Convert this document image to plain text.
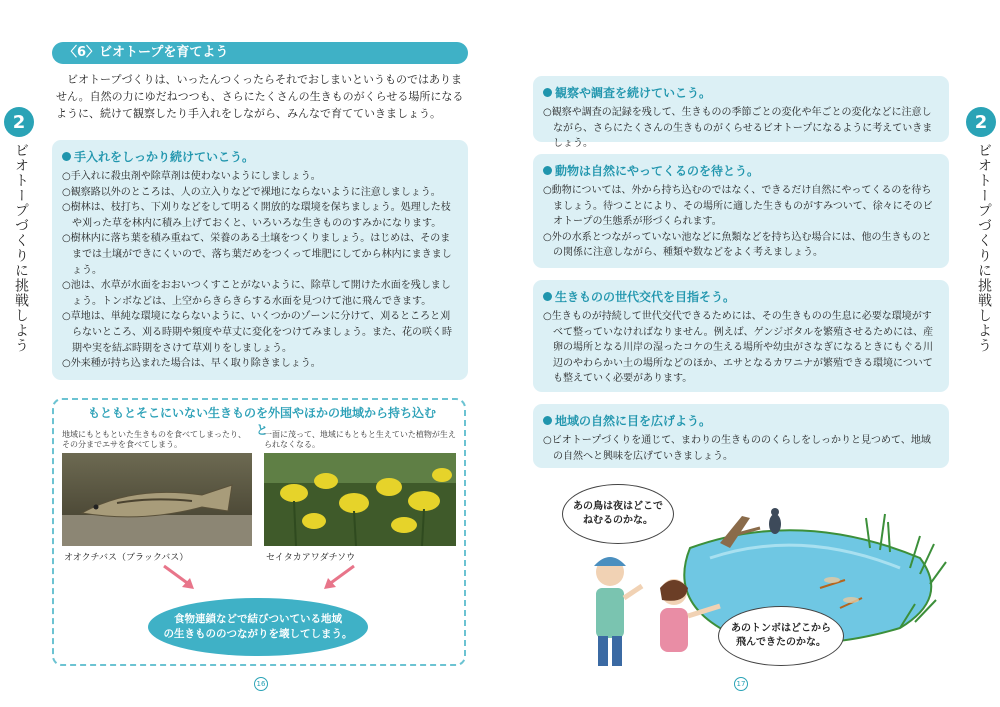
2
ビオトープづくりに挑戦しよう
2
ビオトープづくりに挑戦しよう
〈6〉ビオトープを育てよう

ビオトープづくりは、いったんつくったらそれでおしまいというものではありません。自然の力にゆだねつつも、さらにたくさんの生きものがくらせる場所になるように、続けて観察したり手入れをしながら、みんなで育てていきましょう。

手入れをしっかり続けていこう。

○手入れに殺虫剤や除草剤は使わないようにしましょう。

○観察路以外のところは、人の立入りなどで裸地にならないように注意しましょう。

○樹林は、枝打ち、下刈りなどをして明るく開放的な環境を保ちましょう。処理した枝や刈った草を林内に積み上げておくと、いろいろな生きもののすみかになります。

○樹林内に落ち葉を積み重ねて、栄養のある土壌をつくりましょう。はじめは、そのままでは土壌ができにくいので、落ち葉だめをつくって堆肥にしてから林内にまきましょう。

○池は、水草が水面をおおいつくすことがないように、除草して開けた水面を残しましょう。トンボなどは、上空からきらきらする水面を見つけて池に飛んできます。

○草地は、単純な環境にならないように、いくつかのゾーンに分けて、刈るところと刈らないところ、刈る時期や頻度や草丈に変化をつけてみましょう。また、花の咲く時期や実を結ぶ時期をさけて草刈りをしましょう。

○外来種が持ち込まれた場合は、早く取り除きましょう。

もともとそこにいない生きものを外国やほかの地域から持ち込むと
地域にもともといた生きものを食べてしまったり、その分までエサを食べてしまう。
一面に茂って、地域にもともと生えていた植物が生えられなくなる。
オオクチバス（ブラックバス）	セイタカアワダチソウ
食物連鎖などで結びついている地域
の生きもののつながりを壊してしまう。
16
観察や調査を続けていこう。

○観察や調査の記録を残して、生きものの季節ごとの変化や年ごとの変化などに注意しながら、さらにたくさんの生きものがくらせるビオトープになるように考えていきましょう。

動物は自然にやってくるのを待とう。

○動物については、外から持ち込むのではなく、できるだけ自然にやってくるのを待ちましょう。待つことにより、その場所に適した生きものがすみついて、徐々にそのビオトープの生態系が形づくられます。

○外の水系とつながっていない池などに魚類などを持ち込む場合には、他の生きものとの関係に注意しながら、種類や数などをよく考えましょう。

生きものの世代交代を目指そう。

○生きものが持続して世代交代できるためには、その生きものの生息に必要な環境がすべて整っていなければなりません。例えば、ゲンジボタルを繁殖させるためには、産卵の場所となる川岸の湿ったコケの生える場所や幼虫がさなぎになるときにもぐる川辺のやわらかい土の場所などのほか、エサとなるカワニナが繁殖できる環境についても整えていく必要があります。

地域の自然に目を広げよう。

○ビオトープづくりを通じて、まわりの生きもののくらしをしっかりと見つめて、地域の自然へと興味を広げていきましょう。

あの鳥は夜はどこで
ねむるのかな。
あのトンボはどこから
飛んできたのかな。
17
